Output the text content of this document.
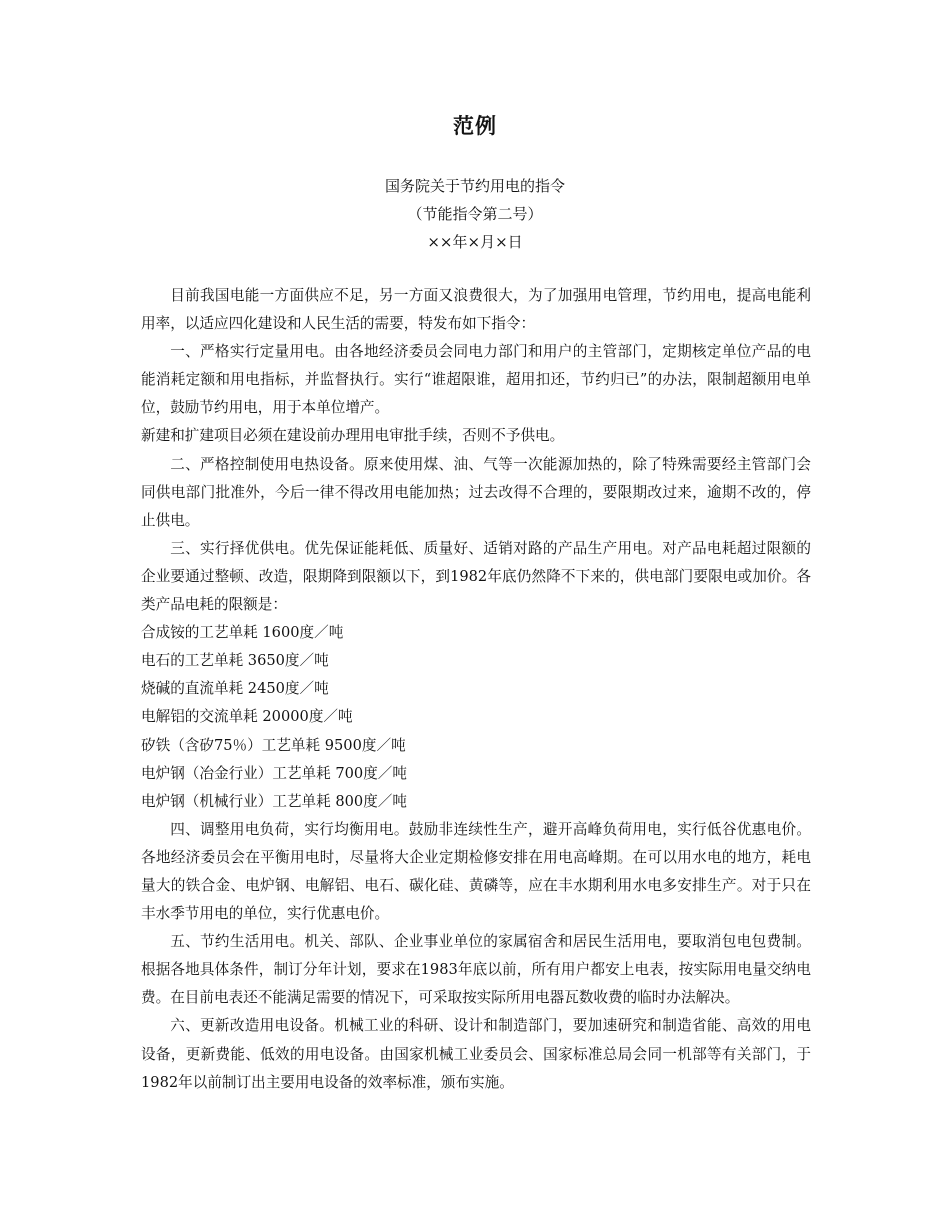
范例
国务院关于节约用电的指令
（节能指令第二号）
××年×月×日

目前我国电能一方面供应不足，另一方面又浪费很大，为了加强用电管理，节约用电，提高电能利用率，以适应四化建设和人民生活的需要，特发布如下指令：

一、严格实行定量用电。由各地经济委员会同电力部门和用户的主管部门，定期核定单位产品的电能消耗定额和用电指标，并监督执行。实行“谁超限谁，超用扣还，节约归已”的办法，限制超额用电单位，鼓励节约用电，用于本单位增产。

新建和扩建项目必须在建设前办理用电审批手续，否则不予供电。

二、严格控制使用电热设备。原来使用煤、油、气等一次能源加热的，除了特殊需要经主管部门会同供电部门批准外，今后一律不得改用电能加热；过去改得不合理的，要限期改过来，逾期不改的，停止供电。

三、实行择优供电。优先保证能耗低、质量好、适销对路的产品生产用电。对产品电耗超过限额的企业要通过整顿、改造，限期降到限额以下，到1982年底仍然降不下来的，供电部门要限电或加价。各类产品电耗的限额是：

合成铵的工艺单耗 1600度／吨

电石的工艺单耗 3650度／吨

烧碱的直流单耗 2450度／吨

电解铝的交流单耗 20000度／吨

矽铁（含矽75％）工艺单耗 9500度／吨

电炉钢（冶金行业）工艺单耗 700度／吨

电炉钢（机械行业）工艺单耗 800度／吨

四、调整用电负荷，实行均衡用电。鼓励非连续性生产，避开高峰负荷用电，实行低谷优惠电价。各地经济委员会在平衡用电时，尽量将大企业定期检修安排在用电高峰期。在可以用水电的地方，耗电量大的铁合金、电炉钢、电解铝、电石、碳化硅、黄磷等，应在丰水期利用水电多安排生产。对于只在丰水季节用电的单位，实行优惠电价。

五、节约生活用电。机关、部队、企业事业单位的家属宿舍和居民生活用电，要取消包电包费制。根据各地具体条件，制订分年计划，要求在1983年底以前，所有用户都安上电表，按实际用电量交纳电费。在目前电表还不能满足需要的情况下，可采取按实际所用电器瓦数收费的临时办法解决。

六、更新改造用电设备。机械工业的科研、设计和制造部门，要加速研究和制造省能、高效的用电设备，更新费能、低效的用电设备。由国家机械工业委员会、国家标准总局会同一机部等有关部门，于1982年以前制订出主要用电设备的效率标准，颁布实施。
